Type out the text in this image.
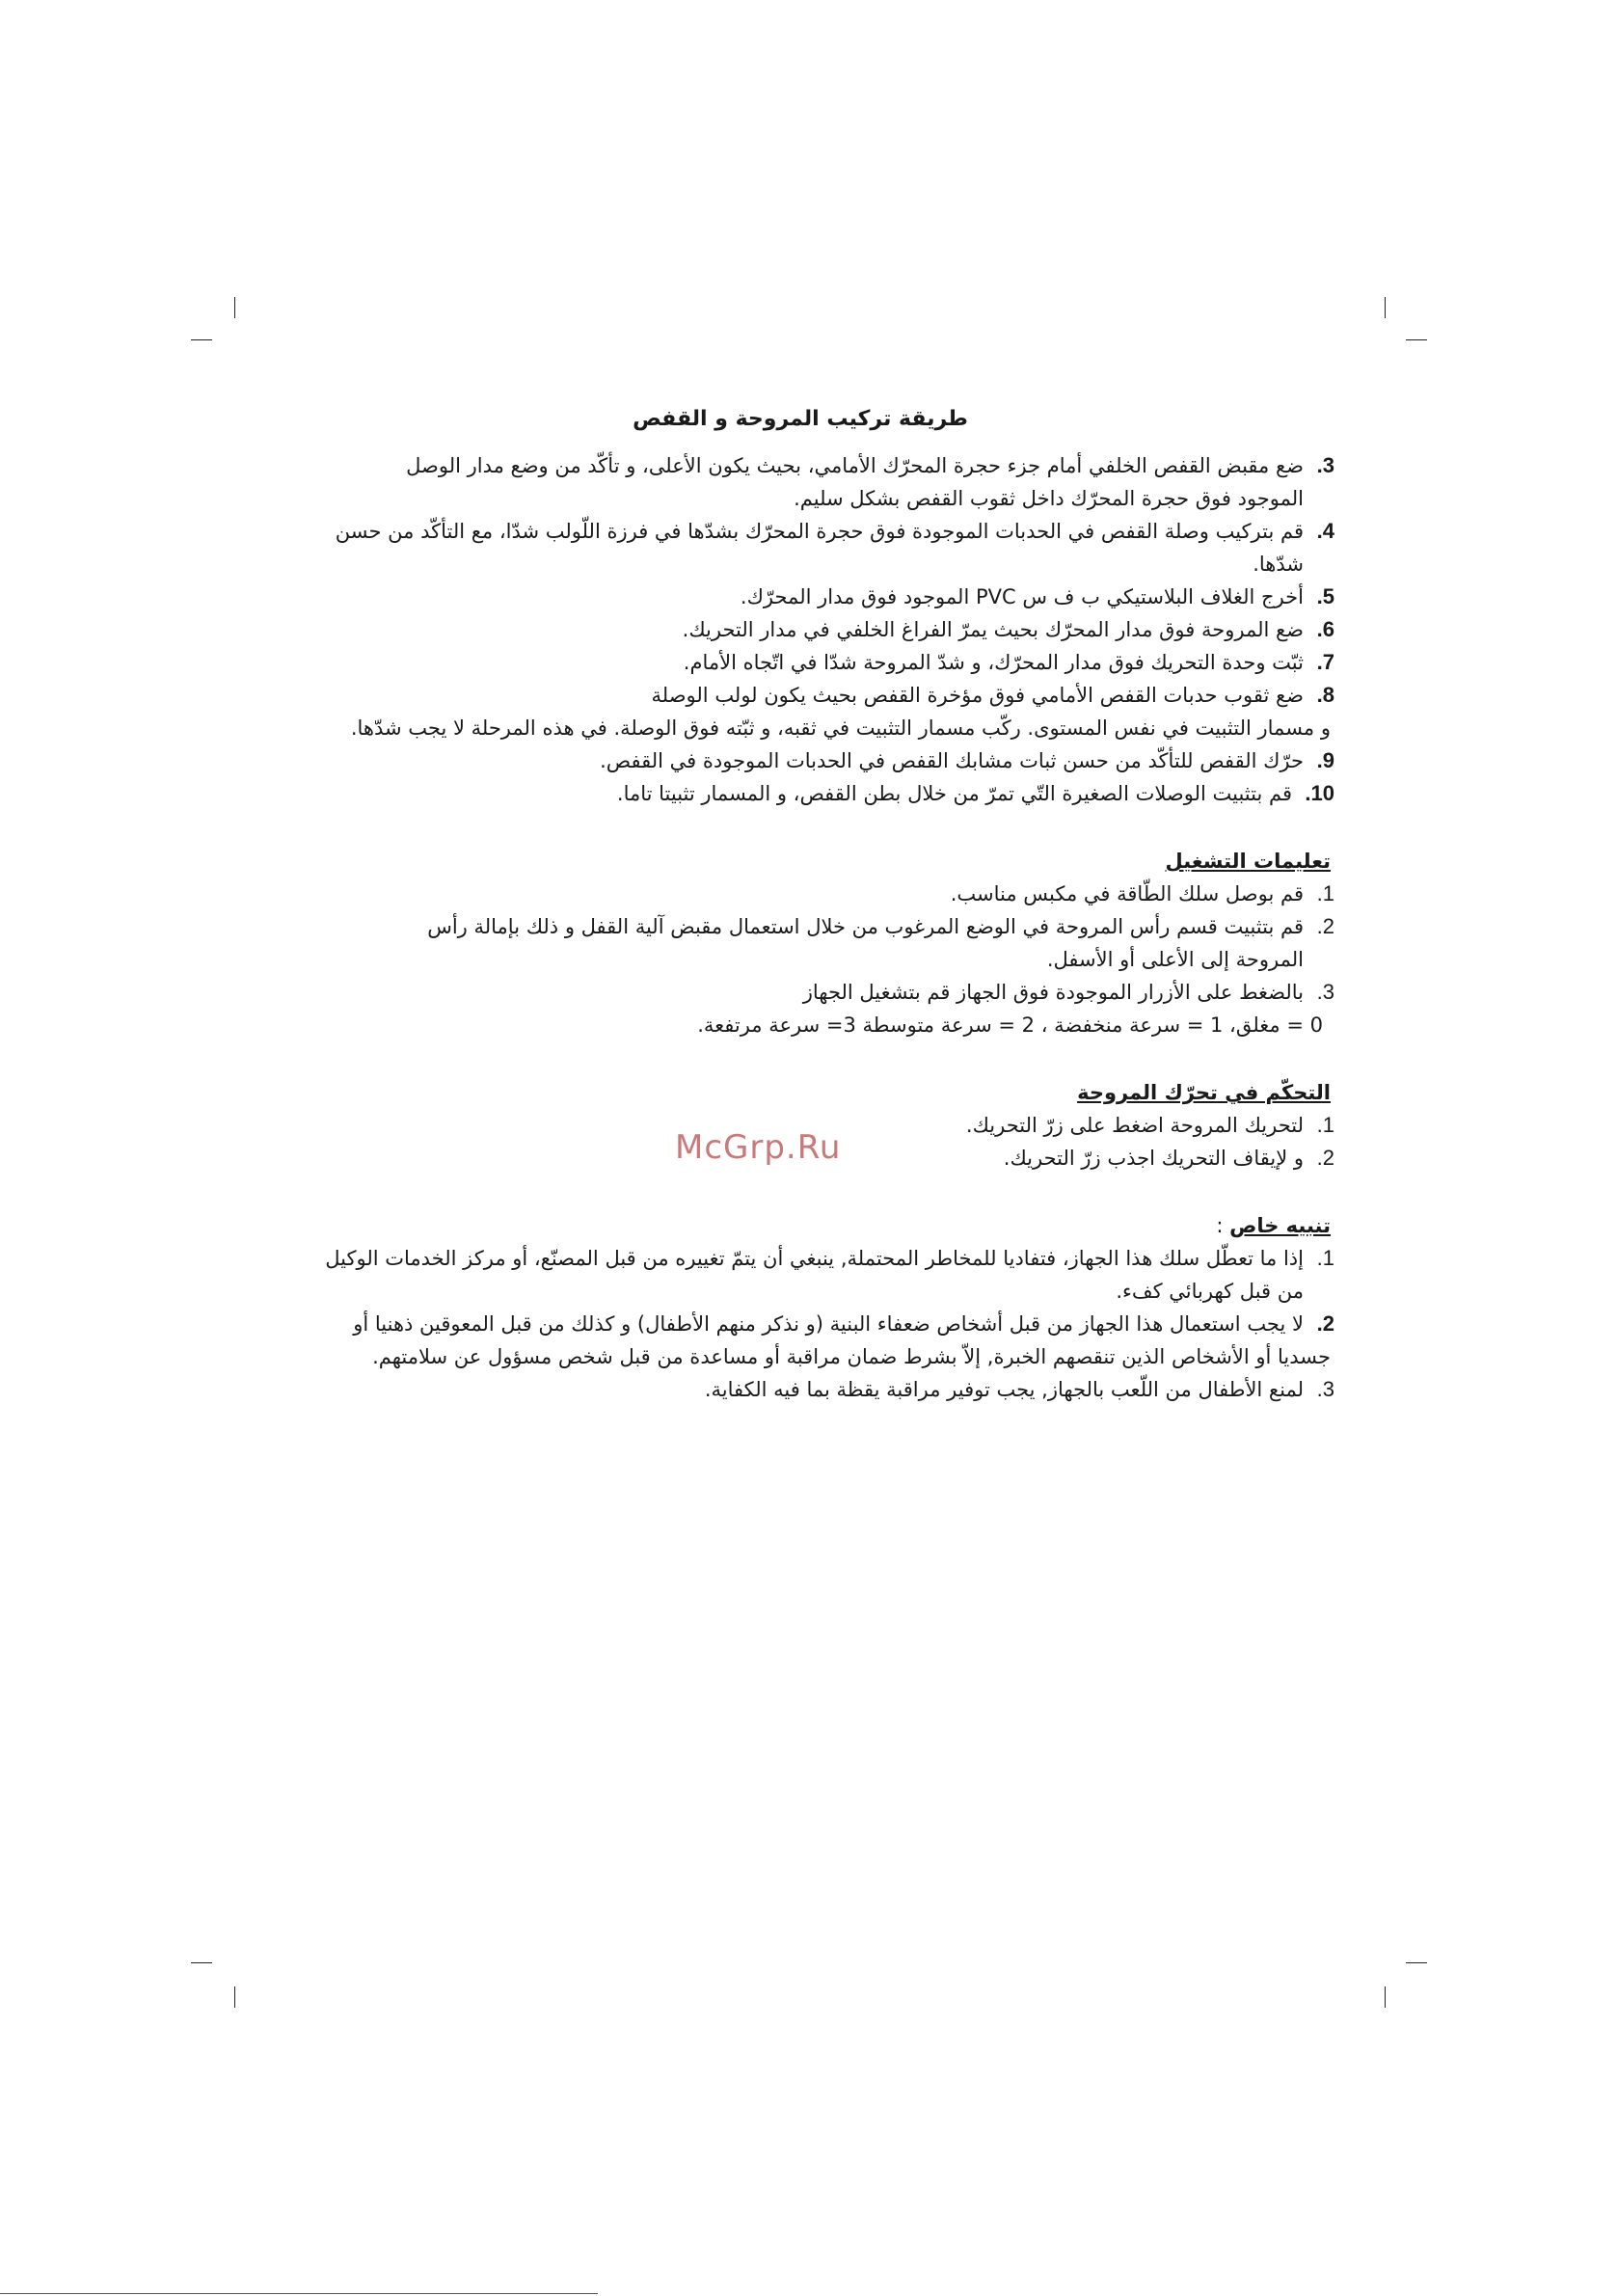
طريقة تركيب المروحة و القفص
3.
ضع مقبض القفص الخلفي أمام جزء حجرة المحرّك الأمامي، بحيث يكون الأعلى، و تأكّد من وضع مدار الوصل
الموجود فوق حجرة المحرّك داخل ثقوب القفص بشكل سليم.
4.
قم بتركيب وصلة القفص في الحدبات الموجودة فوق حجرة المحرّك بشدّها في فرزة اللّولب شدّا، مع التأكّد من حسن
شدّها.
5.
أخرج الغلاف البلاستيكي ب ف س PVC الموجود فوق مدار المحرّك.
6.
ضع المروحة فوق مدار المحرّك بحيث يمرّ الفراغ الخلفي في مدار التحريك.
7.
ثبّت وحدة التحريك فوق مدار المحرّك، و شدّ المروحة شدّا في اتّجاه الأمام.
8.
ضع ثقوب حدبات القفص الأمامي فوق مؤخرة القفص بحيث يكون لولب الوصلة
و مسمار التثبيت في نفس المستوى. ركّب مسمار التثبيت في ثقبه، و ثبّته فوق الوصلة. في هذه المرحلة لا يجب شدّها.
9.
حرّك القفص للتأكّد من حسن ثبات مشابك القفص في الحدبات الموجودة في القفص.
10.
قم بتثبيت الوصلات الصغيرة التّي تمرّ من خلال بطن القفص، و المسمار تثبيتا تاما.
تعليمات التشغيل
1.
قم بوصل سلك الطّاقة في مكبس مناسب.
2.
قم بتثبيت قسم رأس المروحة في الوضع المرغوب من خلال استعمال مقبض آلية القفل و ذلك بإمالة رأس
المروحة إلى الأعلى أو الأسفل.
3.
بالضغط على الأزرار الموجودة فوق الجهاز قم بتشغيل الجهاز
0 = مغلق، 1 = سرعة منخفضة ، 2 = سرعة متوسطة 3= سرعة مرتفعة.
التحكّم في تحرّك المروحة
1.
لتحريك المروحة اضغط على زرّ التحريك.
2.
و لإيقاف التحريك اجذب زرّ التحريك.
تنبيه خاص :
1.
إذا ما تعطّل سلك هذا الجهاز، فتفاديا للمخاطر المحتملة, ينبغي أن يتمّ تغييره من قبل المصنّع، أو مركز الخدمات الوكيل
من قبل كهربائي كفء.
2.
لا يجب استعمال هذا الجهاز من قبل أشخاص ضعفاء البنية (و نذكر منهم الأطفال) و كذلك من قبل المعوقين ذهنيا أو
جسديا أو الأشخاص الذين تنقصهم الخبرة, إلاّ بشرط ضمان مراقبة أو مساعدة من قبل شخص مسؤول عن سلامتهم.
3.
لمنع الأطفال من اللّعب بالجهاز, يجب توفير مراقبة يقظة بما فيه الكفاية.
McGrp.Ru
